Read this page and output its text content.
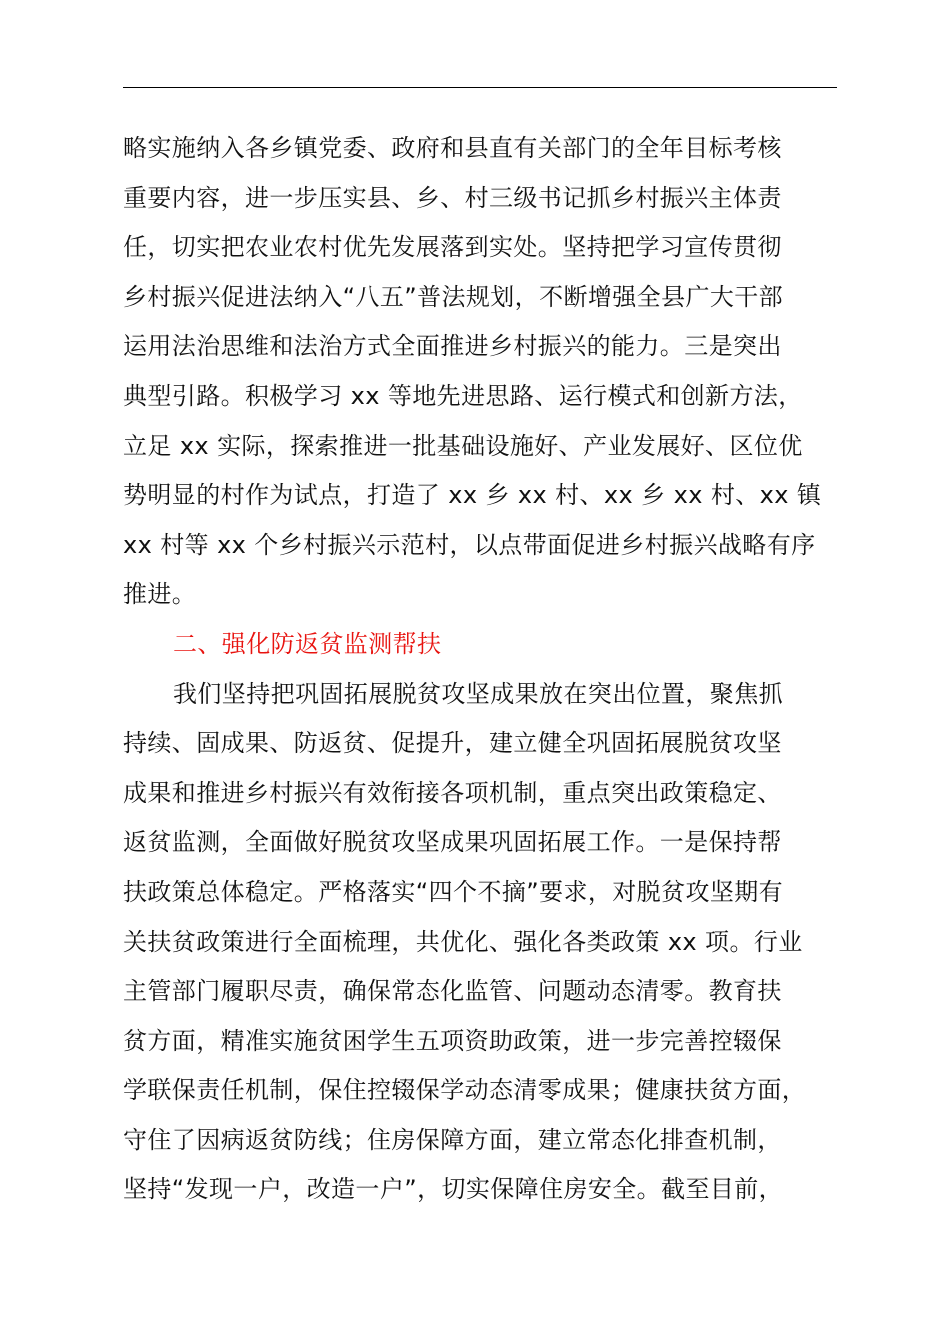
略实施纳入各乡镇党委、政府和县直有关部门的全年目标考核
重要内容，进一步压实县、乡、村三级书记抓乡村振兴主体责
任，切实把农业农村优先发展落到实处。坚持把学习宣传贯彻
乡村振兴促进法纳入“八五”普法规划，不断增强全县广大干部
运用法治思维和法治方式全面推进乡村振兴的能力。三是突出
典型引路。积极学习 xx 等地先进思路、运行模式和创新方法，
立足 xx 实际，探索推进一批基础设施好、产业发展好、区位优
势明显的村作为试点，打造了 xx 乡 xx 村、xx 乡 xx 村、xx 镇
xx 村等 xx 个乡村振兴示范村，以点带面促进乡村振兴战略有序
推进。
二、强化防返贫监测帮扶
我们坚持把巩固拓展脱贫攻坚成果放在突出位置，聚焦抓
持续、固成果、防返贫、促提升，建立健全巩固拓展脱贫攻坚
成果和推进乡村振兴有效衔接各项机制，重点突出政策稳定、
返贫监测，全面做好脱贫攻坚成果巩固拓展工作。一是保持帮
扶政策总体稳定。严格落实“四个不摘”要求，对脱贫攻坚期有
关扶贫政策进行全面梳理，共优化、强化各类政策 xx 项。行业
主管部门履职尽责，确保常态化监管、问题动态清零。教育扶
贫方面，精准实施贫困学生五项资助政策，进一步完善控辍保
学联保责任机制，保住控辍保学动态清零成果；健康扶贫方面，
守住了因病返贫防线；住房保障方面，建立常态化排查机制，
坚持“发现一户，改造一户”，切实保障住房安全。截至目前，
